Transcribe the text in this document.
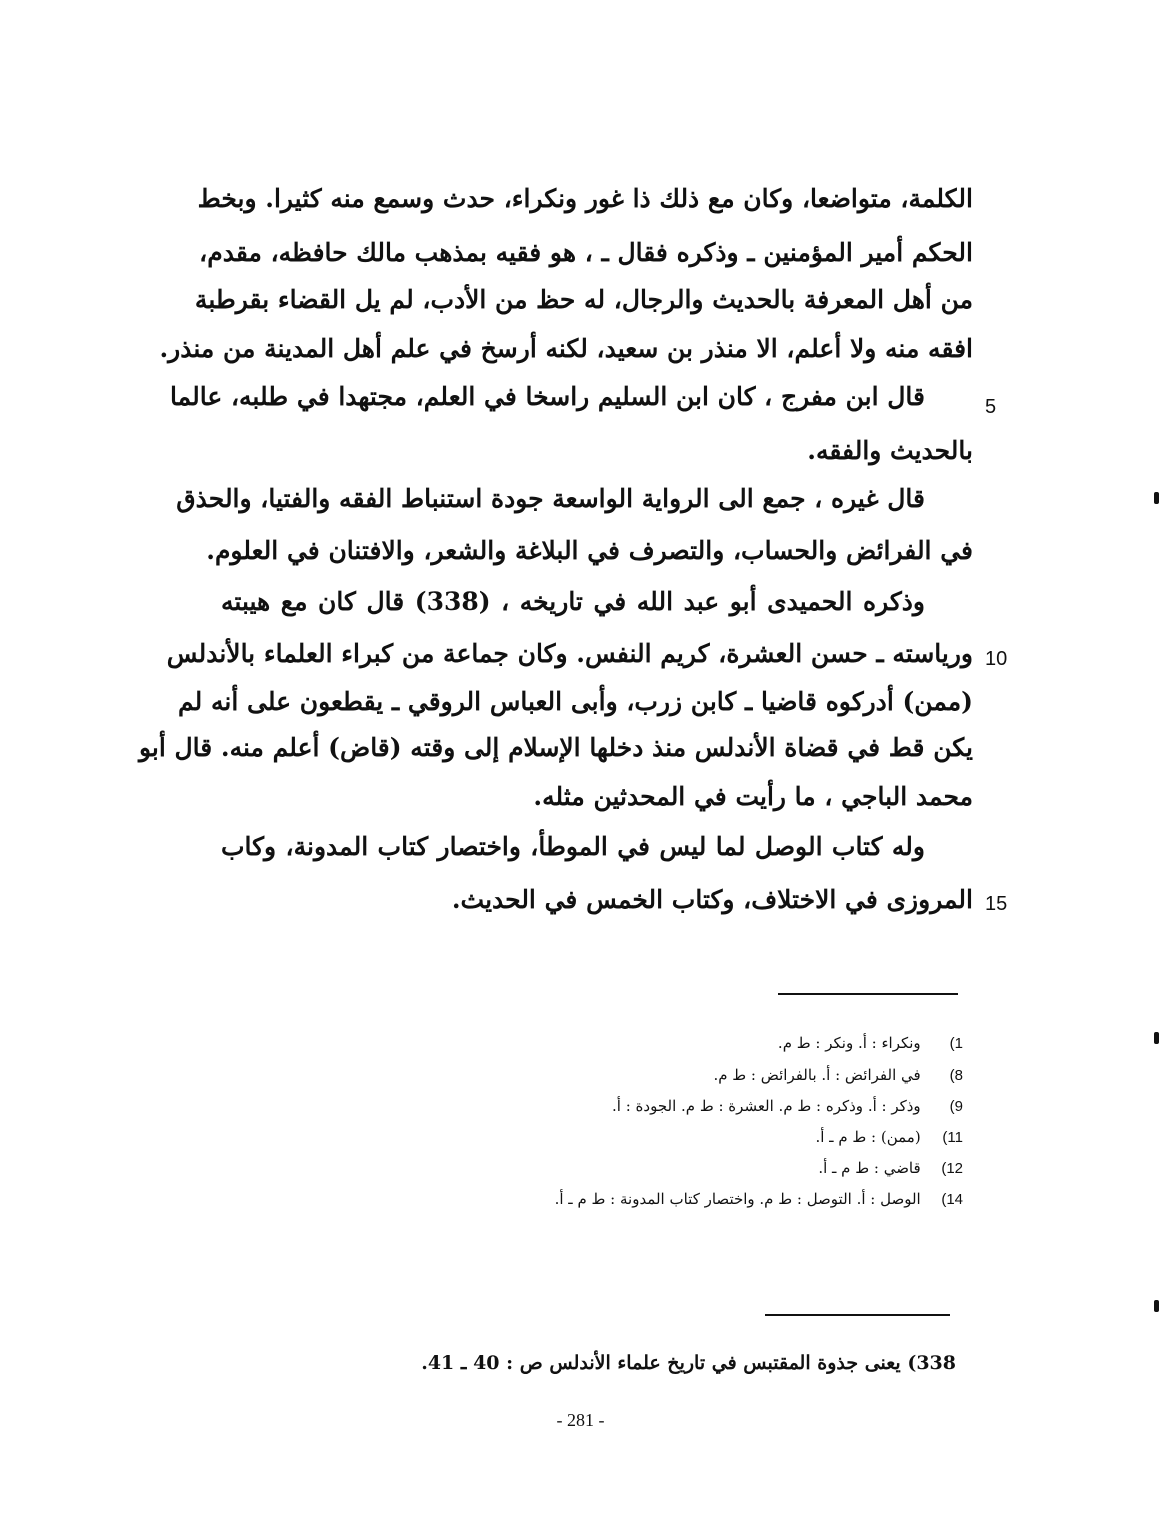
الكلمة، متواضعا، وكان مع ذلك ذا غور ونكراء، حدث وسمع منه كثيرا. وبخط
الحكم أمير المؤمنين ـ وذكره فقال ـ ، هو فقيه بمذهب مالك حافظه، مقدم،
من أهل المعرفة بالحديث والرجال، له حظ من الأدب، لم يل القضاء بقرطبة
افقه منه ولا أعلم، الا منذر بن سعيد، لكنه أرسخ في علم أهل المدينة من منذر.
قال ابن مفرج ، كان ابن السليم راسخا في العلم، مجتهدا في طلبه، عالما
بالحديث والفقه.
قال غيره ، جمع الى الرواية الواسعة جودة استنباط الفقه والفتيا، والحذق
في الفرائض والحساب، والتصرف في البلاغة والشعر، والافتنان في العلوم.
وذكره الحميدى أبو عبد الله في تاريخه ، (338) قال كان مع هيبته
ورياسته ـ حسن العشرة، كريم النفس. وكان جماعة من كبراء العلماء بالأندلس
(ممن) أدركوه قاضيا ـ كابن زرب، وأبى العباس الروقي ـ يقطعون على أنه لم
يكن قط في قضاة الأندلس منذ دخلها الإسلام إلى وقته (قاض) أعلم منه. قال أبو
محمد الباجي ، ما رأيت في المحدثين مثله.
وله كتاب الوصل لما ليس في الموطأ، واختصار كتاب المدونة، وكاب
المروزى في الاختلاف، وكتاب الخمس في الحديث.
5
10
15
1)   ونكراء : أ. ونكر : ط م.
8)   في الفرائض : أ. بالفرائض : ط م.
9)   وذكر : أ. وذكره : ط م. العشرة : ط م. الجودة : أ.
11)   (ممن) : ط م ـ أ.
12)   قاضي : ط م ـ أ.
14)   الوصل : أ. التوصل : ط م. واختصار كتاب المدونة : ط م ـ أ.
338) يعنى جذوة المقتبس في تاريخ علماء الأندلس ص : 40 ـ 41.
- 281 -
